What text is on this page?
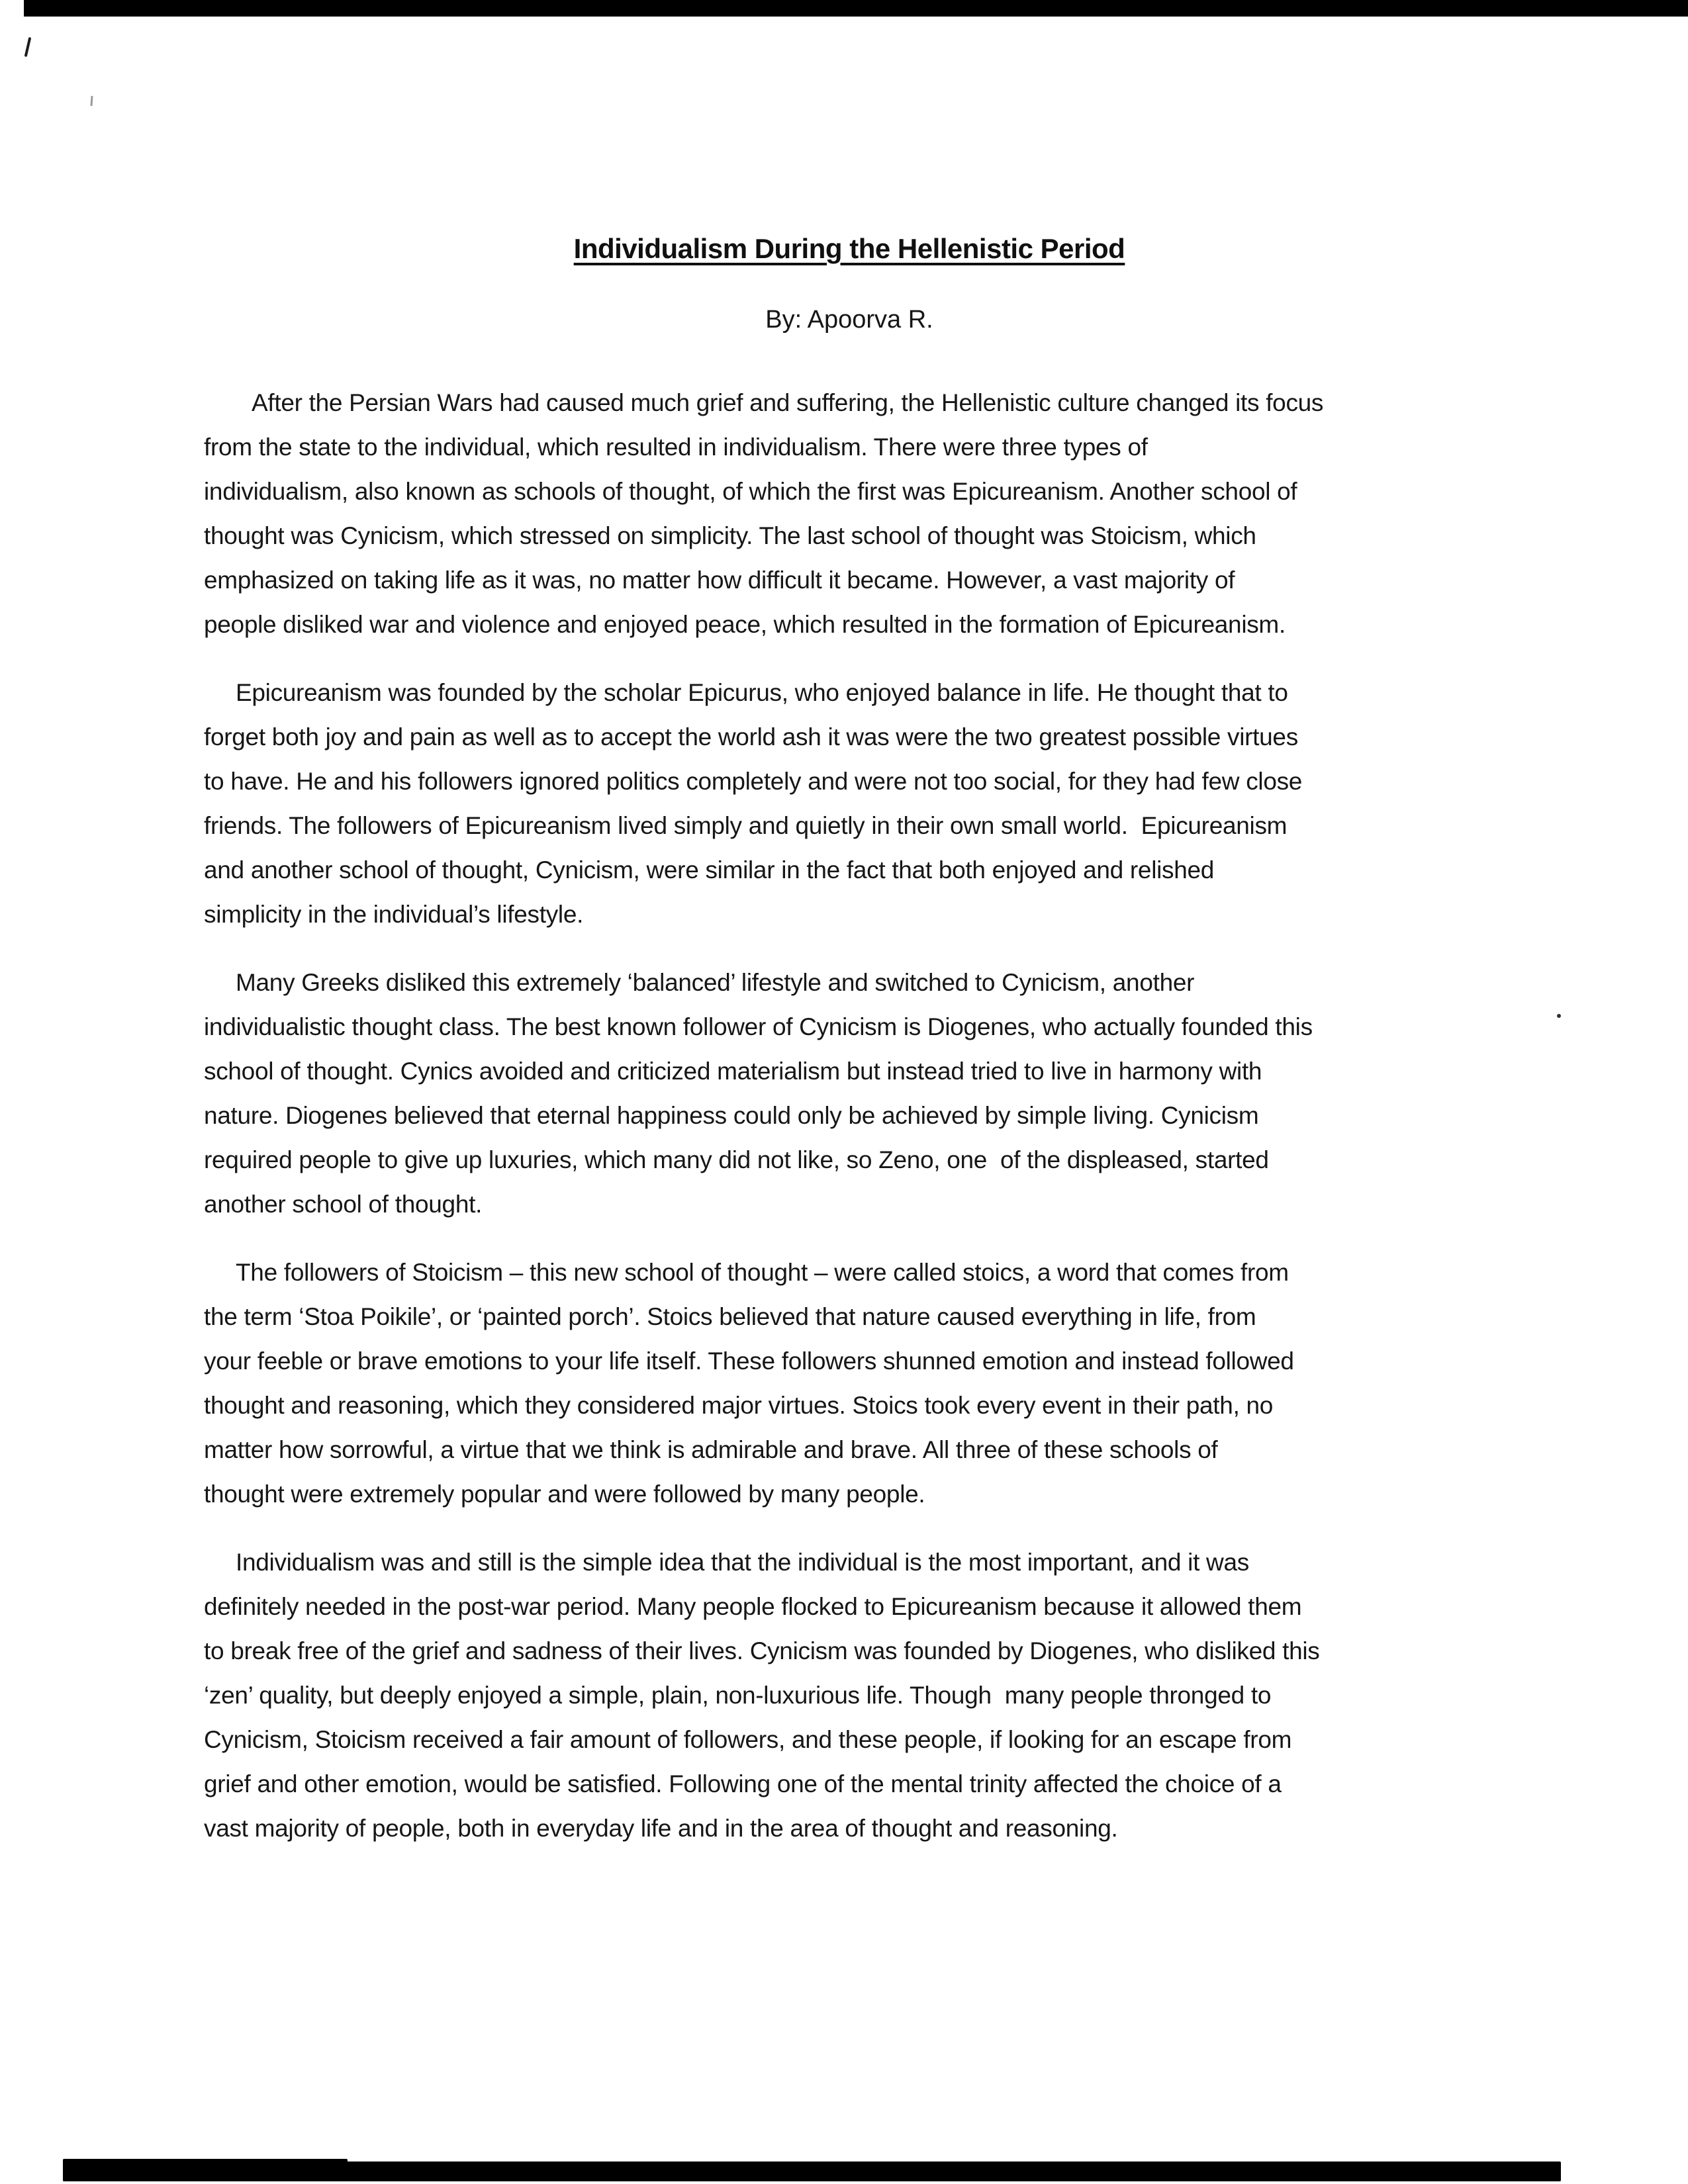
Individualism During the Hellenistic Period
By: Apoorva R.
After the Persian Wars had caused much grief and suffering, the Hellenistic culture changed its focus
from the state to the individual, which resulted in individualism. There were three types of
individualism, also known as schools of thought, of which the first was Epicureanism. Another school of
thought was Cynicism, which stressed on simplicity. The last school of thought was Stoicism, which
emphasized on taking life as it was, no matter how difficult it became. However, a vast majority of
people disliked war and violence and enjoyed peace, which resulted in the formation of Epicureanism.
Epicureanism was founded by the scholar Epicurus, who enjoyed balance in life. He thought that to
forget both joy and pain as well as to accept the world ash it was were the two greatest possible virtues
to have. He and his followers ignored politics completely and were not too social, for they had few close
friends. The followers of Epicureanism lived simply and quietly in their own small world.  Epicureanism
and another school of thought, Cynicism, were similar in the fact that both enjoyed and relished
simplicity in the individual’s lifestyle.
Many Greeks disliked this extremely ‘balanced’ lifestyle and switched to Cynicism, another
individualistic thought class. The best known follower of Cynicism is Diogenes, who actually founded this
school of thought. Cynics avoided and criticized materialism but instead tried to live in harmony with
nature. Diogenes believed that eternal happiness could only be achieved by simple living. Cynicism
required people to give up luxuries, which many did not like, so Zeno, one  of the displeased, started
another school of thought.
The followers of Stoicism – this new school of thought – were called stoics, a word that comes from
the term ‘Stoa Poikile’, or ‘painted porch’. Stoics believed that nature caused everything in life, from
your feeble or brave emotions to your life itself. These followers shunned emotion and instead followed
thought and reasoning, which they considered major virtues. Stoics took every event in their path, no
matter how sorrowful, a virtue that we think is admirable and brave. All three of these schools of
thought were extremely popular and were followed by many people.
Individualism was and still is the simple idea that the individual is the most important, and it was
definitely needed in the post-war period. Many people flocked to Epicureanism because it allowed them
to break free of the grief and sadness of their lives. Cynicism was founded by Diogenes, who disliked this
‘zen’ quality, but deeply enjoyed a simple, plain, non-luxurious life. Though  many people thronged to
Cynicism, Stoicism received a fair amount of followers, and these people, if looking for an escape from
grief and other emotion, would be satisfied. Following one of the mental trinity affected the choice of a
vast majority of people, both in everyday life and in the area of thought and reasoning.
